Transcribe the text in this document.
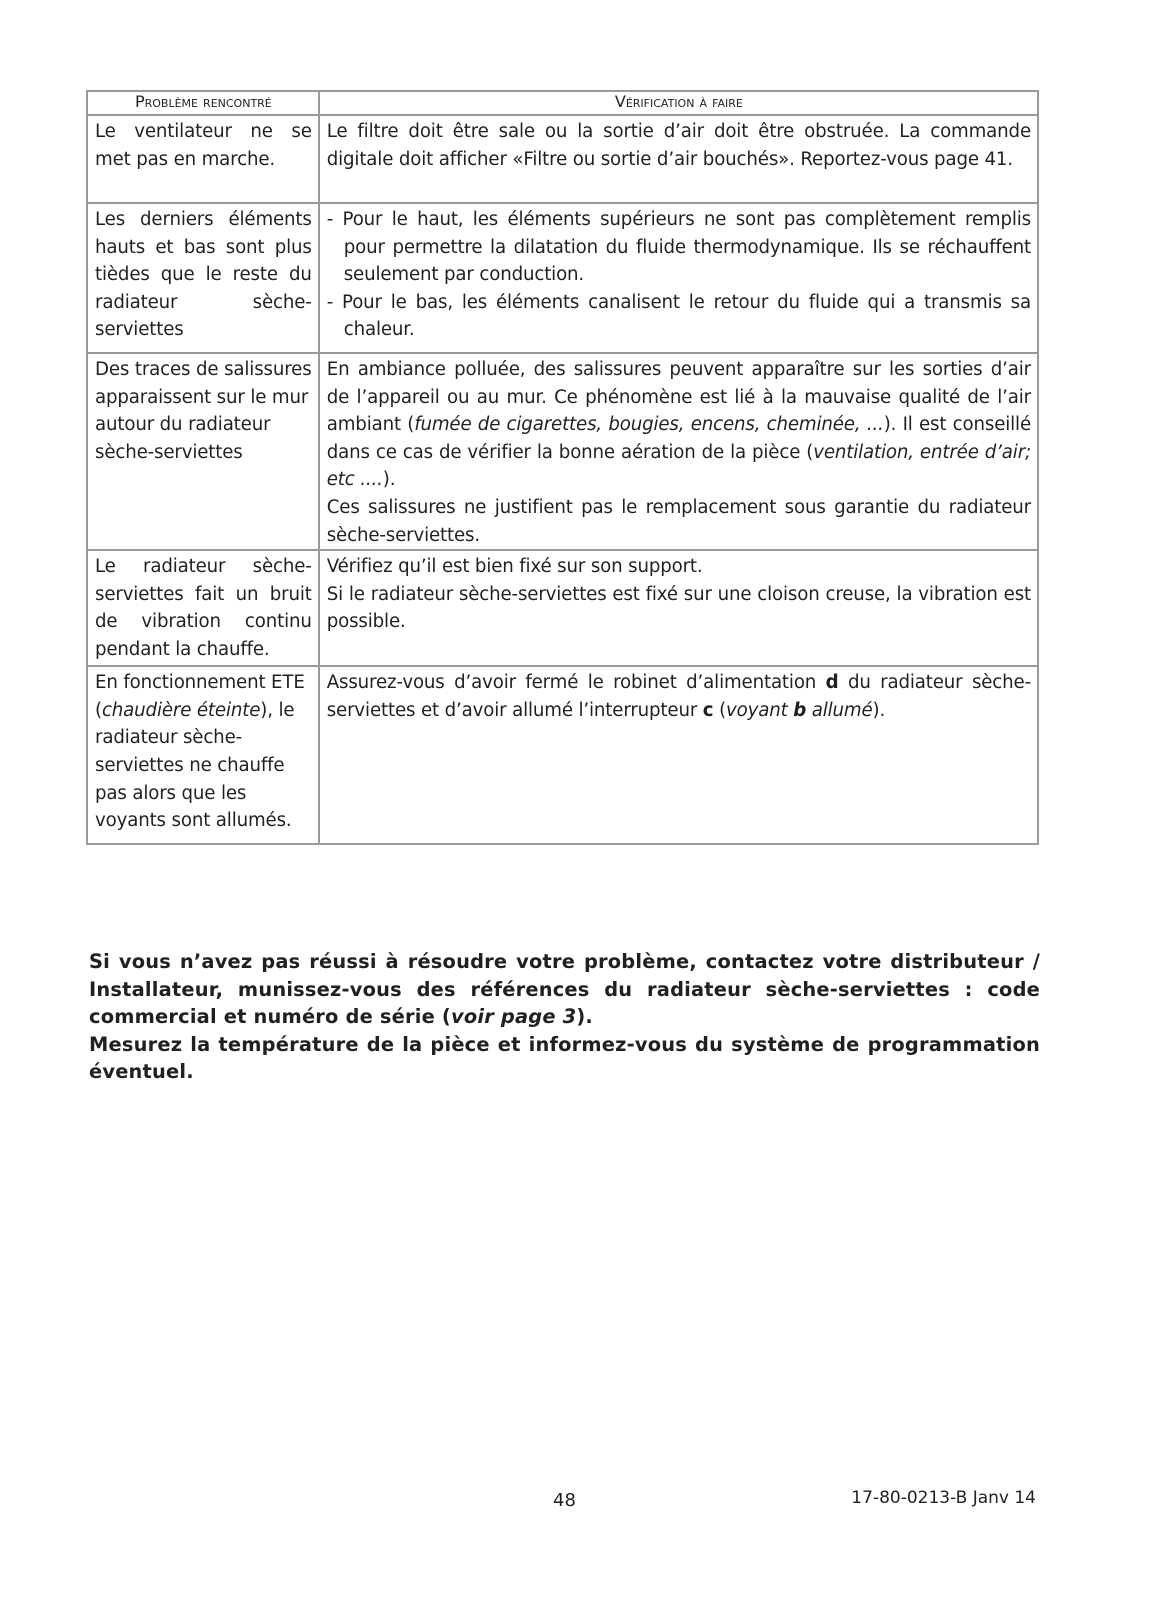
Problème rencontré	Vérification à faire
Le ventilateur ne se met pas en marche.	Le filtre doit être sale ou la sortie d’air doit être obstruée. La commande digitale doit afficher «Filtre ou sortie d’air bouchés». Reportez-vous page 41.
Les derniers éléments hauts et bas sont plus tièdes que le reste du radiateur sèche-serviettes	- Pour le haut, les éléments supérieurs ne sont pas complètement remplis pour permettre la dilatation du fluide thermodynamique. Ils se réchauffent seulement par conduction.
- Pour le bas, les éléments canalisent le retour du fluide qui a transmis sa chaleur.

Des traces de salissures apparaissent sur le mur autour du radiateur sèche-serviettes	En ambiance polluée, des salissures peuvent apparaître sur les sorties d’air de l’appareil ou au mur. Ce phénomène est lié à la mauvaise qualité de l’air ambiant (fumée de cigarettes, bougies, encens, cheminée, ...). Il est conseillé dans ce cas de vérifier la bonne aération de la pièce (ventilation, entrée d’air; etc ....).
Ces salissures ne justifient pas le remplacement sous garantie du radiateur sèche-serviettes.

Le radiateur sèche-serviettes fait un bruit de vibration continu pendant la chauffe.	Vérifiez qu’il est bien fixé sur son support.
Si le radiateur sèche-serviettes est fixé sur une cloison creuse, la vibration est possible.

En fonctionnement ETE (chaudière éteinte), le radiateur sèche-serviettes ne chauffe pas alors que les voyants sont allumés.	Assurez-vous d’avoir fermé le robinet d’alimentation d du radiateur sèche-serviettes et d’avoir allumé l’interrupteur c (voyant b allumé).

Si vous n’avez pas réussi à résoudre votre problème, contactez votre distributeur / Installateur, munissez-vous des références du radiateur sèche-serviettes : code commercial et numéro de série (voir page 3).

Mesurez la température de la pièce et informez-vous du système de programmation éventuel.

48	17-80-0213-B Janv 14
